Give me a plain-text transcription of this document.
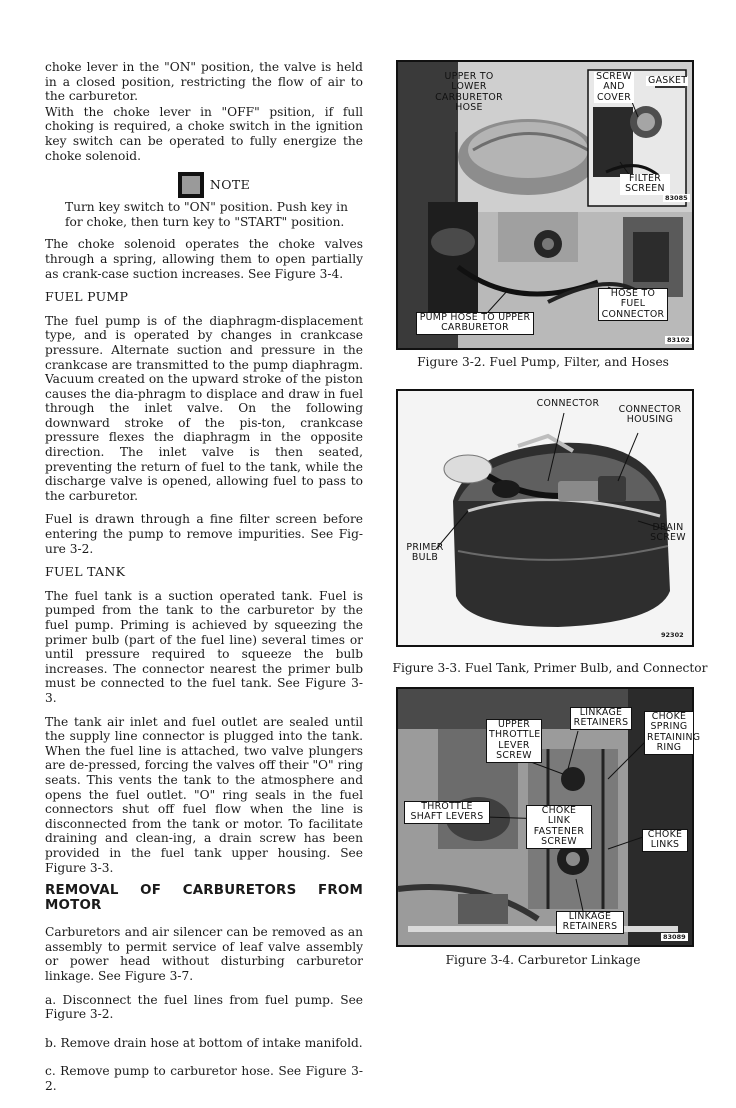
choke lever in the "ON" position, the valve is held in a closed position, restricting the flow of air to the carburetor.

With the choke lever in "OFF" psition, if full choking is required, a choke switch in the ignition key switch can be operated to fully energize the choke solenoid.

NOTE
Turn key switch to "ON" position. Push key in for choke, then turn key to "START" position.

The choke solenoid operates the choke valves through a spring, allowing them to open partially as crank-case suction increases. See Figure 3-4.

FUEL PUMP

The fuel pump is of the diaphragm-displacement type, and is operated by changes in crankcase pressure. Alternate suction and pressure in the crankcase are transmitted to the pump diaphragm. Vacuum created on the upward stroke of the piston causes the dia-phragm to displace and draw in fuel through the inlet valve. On the following downward stroke of the pis-ton, crankcase pressure flexes the diaphragm in the opposite direction. The inlet valve is then seated, preventing the return of fuel to the tank, while the discharge valve is opened, allowing fuel to pass to the carburetor.

Fuel is drawn through a fine filter screen before entering the pump to remove impurities. See Fig-ure 3-2.

FUEL TANK

The fuel tank is a suction operated tank. Fuel is pumped from the tank to the carburetor by the fuel pump. Priming is achieved by squeezing the primer bulb (part of the fuel line) several times or until pressure required to squeeze the bulb increases. The connector nearest the primer bulb must be connected to the fuel tank. See Figure 3-3.

The tank air inlet and fuel outlet are sealed until the supply line connector is plugged into the tank. When the fuel line is attached, two valve plungers are de-pressed, forcing the valves off their "O" ring seats. This vents the tank to the atmosphere and opens the fuel outlet. "O" ring seals in the fuel connectors shut off fuel flow when the line is disconnected from the tank or motor. To facilitate draining and clean-ing, a drain screw has been provided in the fuel tank upper housing. See Figure 3-3.

REMOVAL OF CARBURETORS FROM MOTOR

Carburetors and air silencer can be removed as an assembly to permit service of leaf valve assembly or power head without disturbing carburetor linkage. See Figure 3-7.

a. Disconnect the fuel lines from fuel pump. See Figure 3-2.

b. Remove drain hose at bottom of intake manifold.

c. Remove pump to carburetor hose. See Figure 3-2.

UPPER TO LOWER CARBURETOR HOSE
SCREW AND COVER
GASKET
FILTER SCREEN
83085
HOSE TO FUEL CONNECTOR
PUMP HOSE TO UPPER CARBURETOR
83102
Figure 3-2. Fuel Pump, Filter, and Hoses
CONNECTOR
CONNECTOR HOUSING
DRAIN SCREW
PRIMER BULB
92302
Figure 3-3. Fuel Tank, Primer Bulb, and Connector
UPPER THROTTLE LEVER SCREW
LINKAGE RETAINERS
CHOKE SPRING RETAINING RING
THROTTLE SHAFT LEVERS
CHOKE LINK FASTENER SCREW
CHOKE LINKS
LINKAGE RETAINERS
83089
Figure 3-4. Carburetor Linkage
